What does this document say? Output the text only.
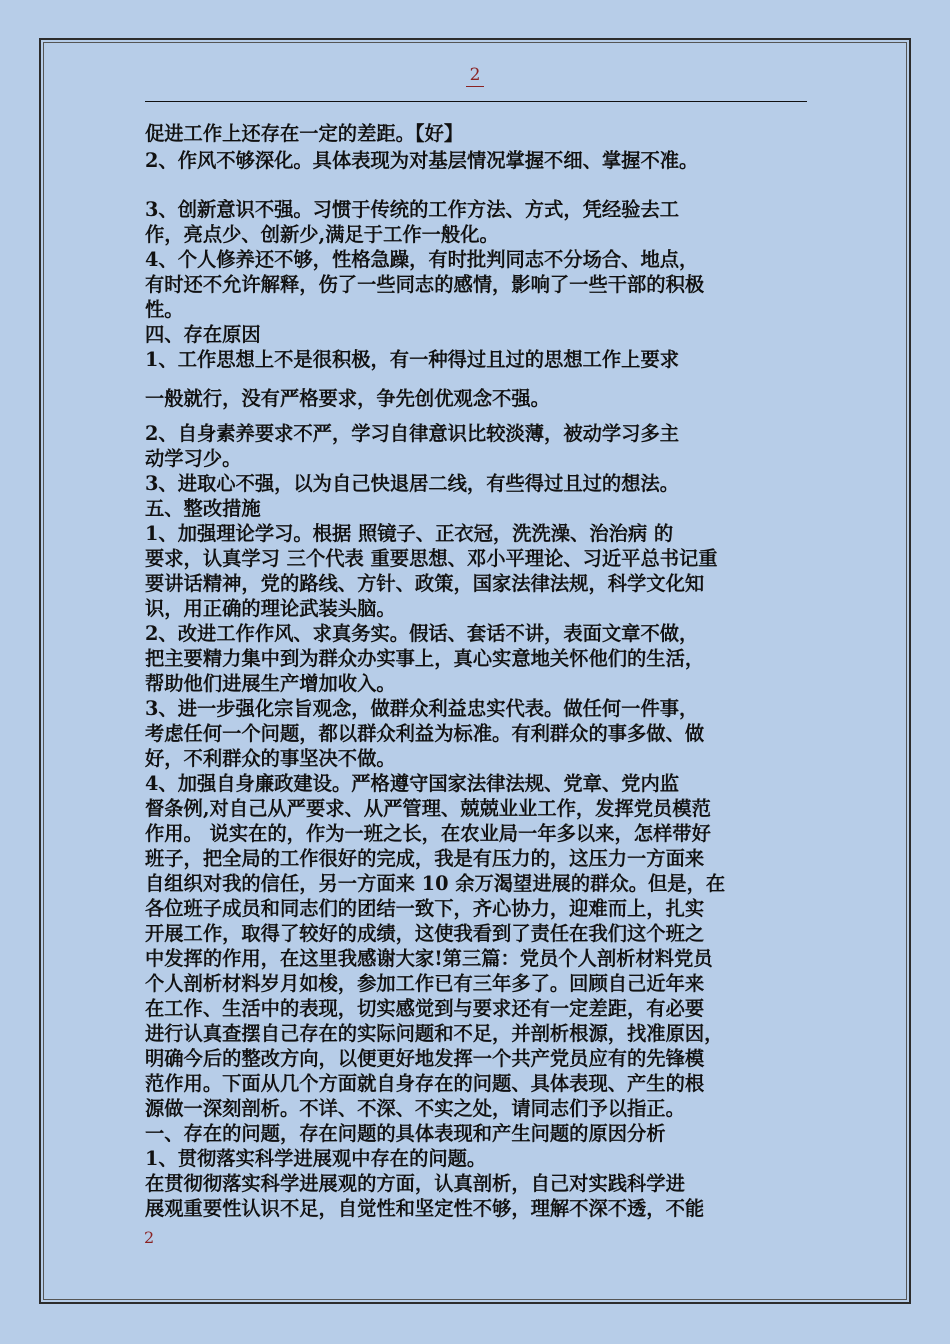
2
促进工作上还存在一定的差距。【好】
2、作风不够深化。具体表现为对基层情况掌握不细、掌握不准。
3、创新意识不强。习惯于传统的工作方法、方式，凭经验去工
作，亮点少、创新少,满足于工作一般化。
4、个人修养还不够，性格急躁，有时批判同志不分场合、地点，
有时还不允许解释，伤了一些同志的感情，影响了一些干部的积极
性。
四、存在原因
1、工作思想上不是很积极，有一种得过且过的思想工作上要求
一般就行，没有严格要求，争先创优观念不强。
2、自身素养要求不严，学习自律意识比较淡薄，被动学习多主
动学习少。
3、进取心不强，以为自己快退居二线，有些得过且过的想法。
五、整改措施
1、加强理论学习。根据 照镜子、正衣冠，洗洗澡、治治病 的
要求，认真学习 三个代表 重要思想、邓小平理论、习近平总书记重
要讲话精神，党的路线、方针、政策，国家法律法规，科学文化知
识，用正确的理论武装头脑。
2、改进工作作风、求真务实。假话、套话不讲，表面文章不做，
把主要精力集中到为群众办实事上，真心实意地关怀他们的生活，
帮助他们进展生产增加收入。
3、进一步强化宗旨观念，做群众利益忠实代表。做任何一件事，
考虑任何一个问题，都以群众利益为标准。有利群众的事多做、做
好，不利群众的事坚决不做。
4、加强自身廉政建设。严格遵守国家法律法规、党章、党内监
督条例,对自己从严要求、从严管理、兢兢业业工作，发挥党员模范
作用。 说实在的，作为一班之长，在农业局一年多以来，怎样带好
班子，把全局的工作很好的完成，我是有压力的，这压力一方面来
自组织对我的信任，另一方面来 10 余万渴望进展的群众。但是，在
各位班子成员和同志们的团结一致下，齐心协力，迎难而上，扎实
开展工作，取得了较好的成绩，这使我看到了责任在我们这个班之
中发挥的作用，在这里我感谢大家!第三篇：党员个人剖析材料党员
个人剖析材料岁月如梭，参加工作已有三年多了。回顾自己近年来
在工作、生活中的表现，切实感觉到与要求还有一定差距，有必要
进行认真查摆自己存在的实际问题和不足，并剖析根源，找准原因，
明确今后的整改方向，以便更好地发挥一个共产党员应有的先锋模
范作用。下面从几个方面就自身存在的问题、具体表现、产生的根
源做一深刻剖析。不详、不深、不实之处，请同志们予以指正。
一、存在的问题，存在问题的具体表现和产生问题的原因分析
1、贯彻落实科学进展观中存在的问题。
在贯彻彻落实科学进展观的方面，认真剖析，自己对实践科学进
展观重要性认识不足，自觉性和坚定性不够，理解不深不透，不能
2
